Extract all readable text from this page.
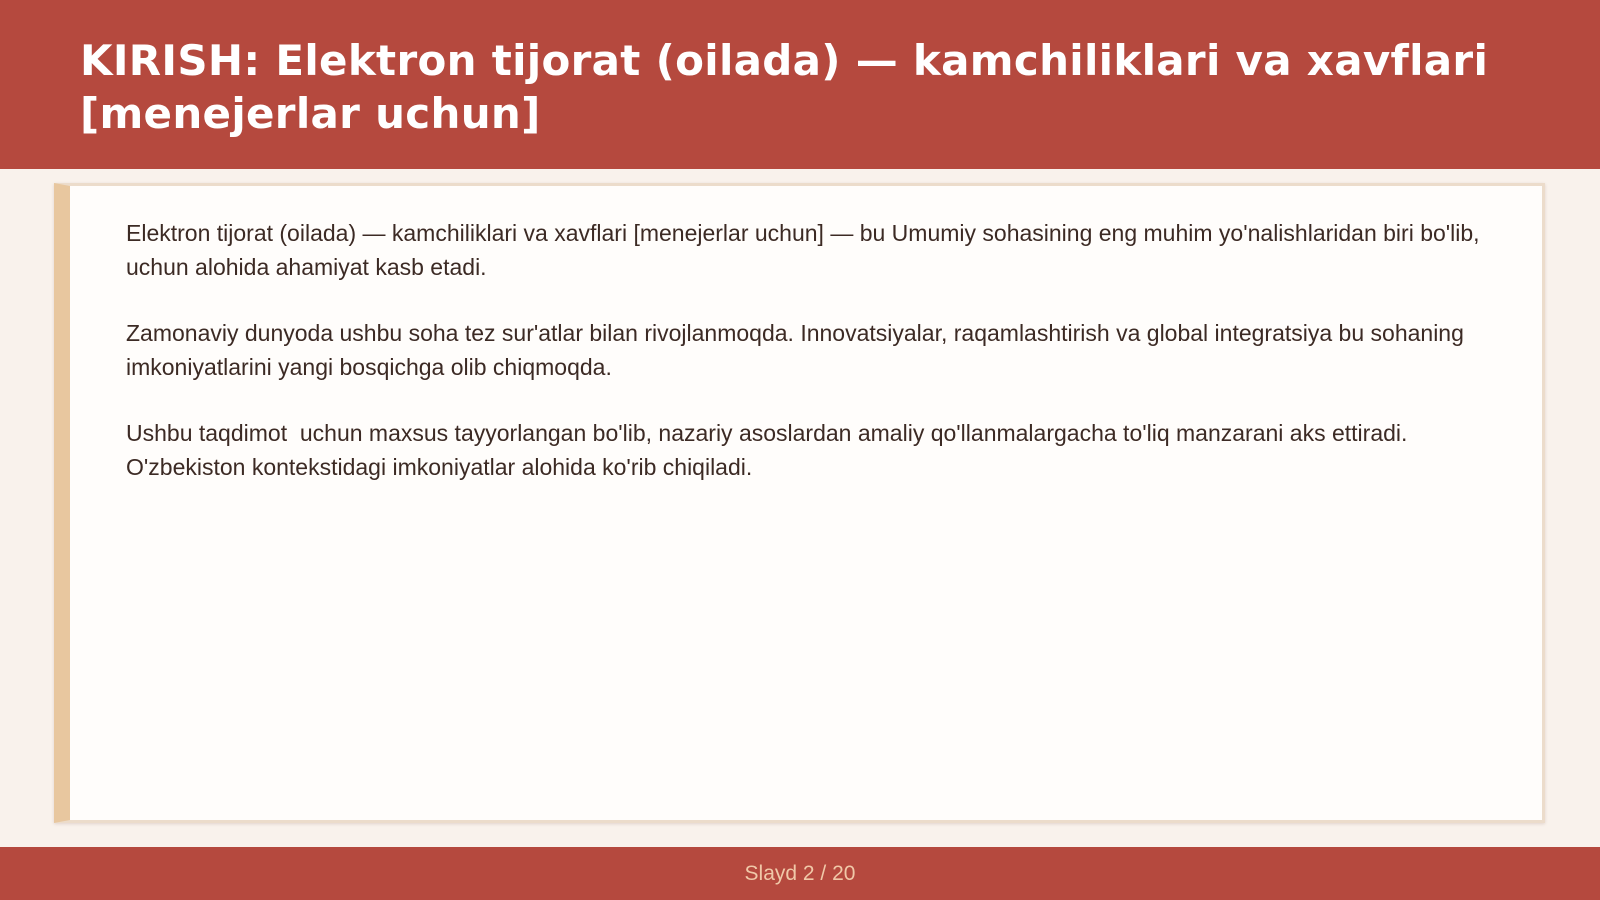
KIRISH: Elektron tijorat (oilada) — kamchiliklari va xavflari [menejerlar uchun]

Elektron tijorat (oilada) — kamchiliklari va xavflari [menejerlar uchun] — bu Umumiy sohasining eng muhim yo'nalishlaridan biri bo'lib,  uchun alohida ahamiyat kasb etadi.

Zamonaviy dunyoda ushbu soha tez sur'atlar bilan rivojlanmoqda. Innovatsiyalar, raqamlashtirish va global integratsiya bu sohaning imkoniyatlarini yangi bosqichga olib chiqmoqda.

Ushbu taqdimot  uchun maxsus tayyorlangan bo'lib, nazariy asoslardan amaliy qo'llanmalargacha to'liq manzarani aks ettiradi. O'zbekiston kontekstidagi imkoniyatlar alohida ko'rib chiqiladi.

Slayd 2 / 20
